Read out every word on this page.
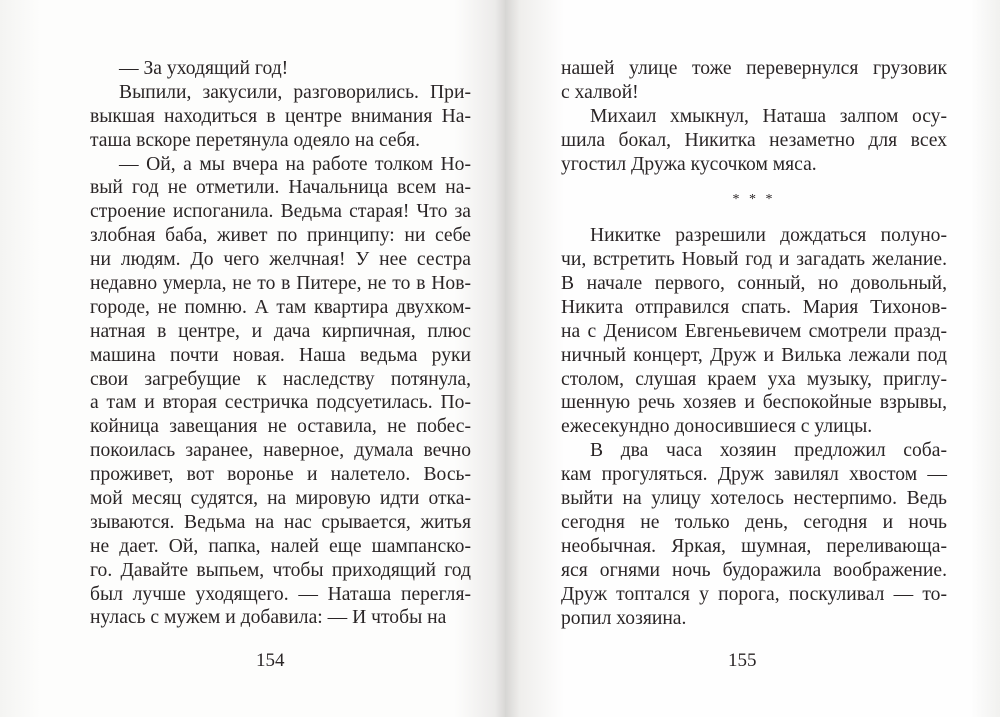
— За уходящий год!
Выпили, закусили, разговорились. При-
выкшая находиться в центре внимания На-
таша вскоре перетянула одеяло на себя.
— Ой, а мы вчера на работе толком Но-
вый год не отметили. Начальница всем на-
строение испоганила. Ведьма старая! Что за
злобная баба, живет по принципу: ни себе
ни людям. До чего желчная! У нее сестра
недавно умерла, не то в Питере, не то в Нов-
городе, не помню. А там квартира двухком-
натная в центре, и дача кирпичная, плюс
машина почти новая. Наша ведьма руки
свои загребущие к наследству потянула,
а там и вторая сестричка подсуетилась. По-
койница завещания не оставила, не побес-
покоилась заранее, наверное, думала вечно
проживет, вот воронье и налетело. Вось-
мой месяц судятся, на мировую идти отка-
зываются. Ведьма на нас срывается, житья
не дает. Ой, папка, налей еще шампанско-
го. Давайте выпьем, чтобы приходящий год
был лучше уходящего. — Наташа перегля-
нулась с мужем и добавила: — И чтобы на
154
нашей улице тоже перевернулся грузовик
с халвой!
Михаил хмыкнул, Наташа залпом осу-
шила бокал, Никитка незаметно для всех
угостил Дружа кусочком мяса.
* * *
Никитке разрешили дождаться полуно-
чи, встретить Новый год и загадать желание.
В начале первого, сонный, но довольный,
Никита отправился спать. Мария Тихонов-
на с Денисом Евгеньевичем смотрели празд-
ничный концерт, Друж и Вилька лежали под
столом, слушая краем уха музыку, приглу-
шенную речь хозяев и беспокойные взрывы,
ежесекундно доносившиеся с улицы.
В два часа хозяин предложил соба-
кам прогуляться. Друж завилял хвостом —
выйти на улицу хотелось нестерпимо. Ведь
сегодня не только день, сегодня и ночь
необычная. Яркая, шумная, переливающа-
яся огнями ночь будоражила воображение.
Друж топтался у порога, поскуливал — то-
ропил хозяина.
155
